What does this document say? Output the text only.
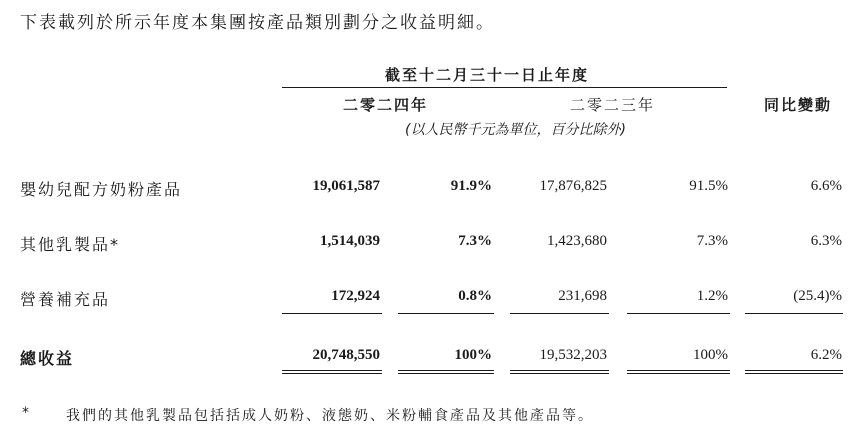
下表載列於所示年度本集團按產品類別劃分之收益明細。
截至十二月三十一日止年度
二零二四年	二零二三年	同比變動
(以人民幣千元為單位，百分比除外)
嬰幼兒配方奶粉產品	19,061,587	91.9%	17,876,825	91.5%	6.6%
其他乳製品*	1,514,039	7.3%	1,423,680	7.3%	6.3%
營養補充品	172,924	0.8%	231,698	1.2%	(25.4)%
總收益	20,748,550	100%	19,532,203	100%	6.2%
*	我們的其他乳製品包括括成人奶粉、液態奶、米粉輔食產品及其他產品等。
